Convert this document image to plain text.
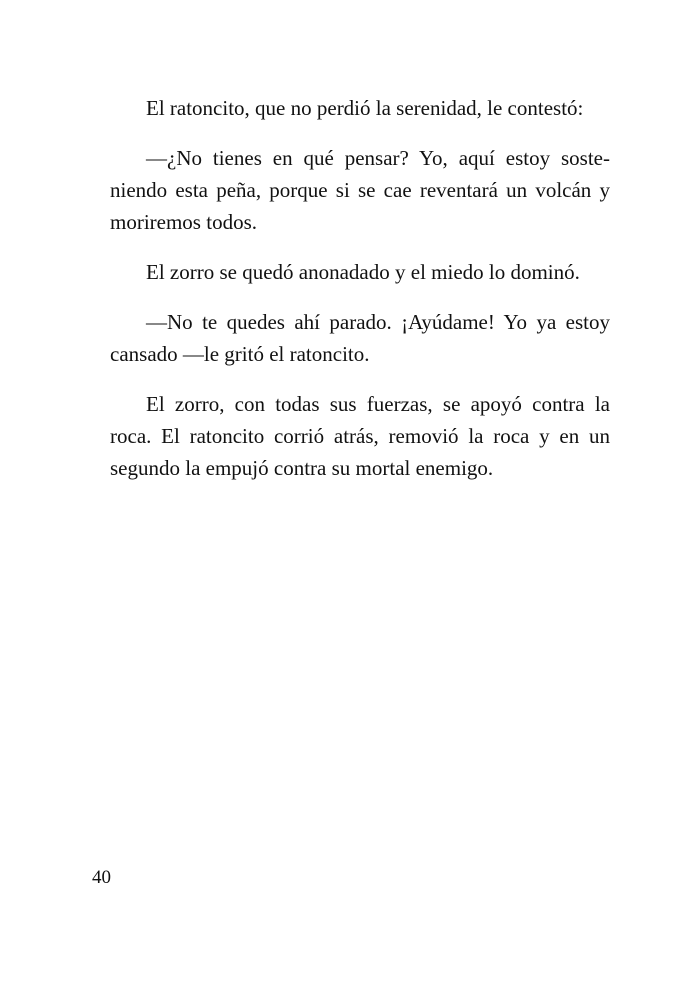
El ratoncito, que no perdió la serenidad, le contestó:

—¿No tienes en qué pensar? Yo, aquí estoy soste-
niendo esta peña, porque si se cae reventará un volcán y
moriremos todos.

El zorro se quedó anonadado y el miedo lo dominó.

—No te quedes ahí parado. ¡Ayúdame! Yo ya estoy
cansado —le gritó el ratoncito.

El zorro, con todas sus fuerzas, se apoyó contra la
roca. El ratoncito corrió atrás, removió la roca y en un
segundo la empujó contra su mortal enemigo.

40
